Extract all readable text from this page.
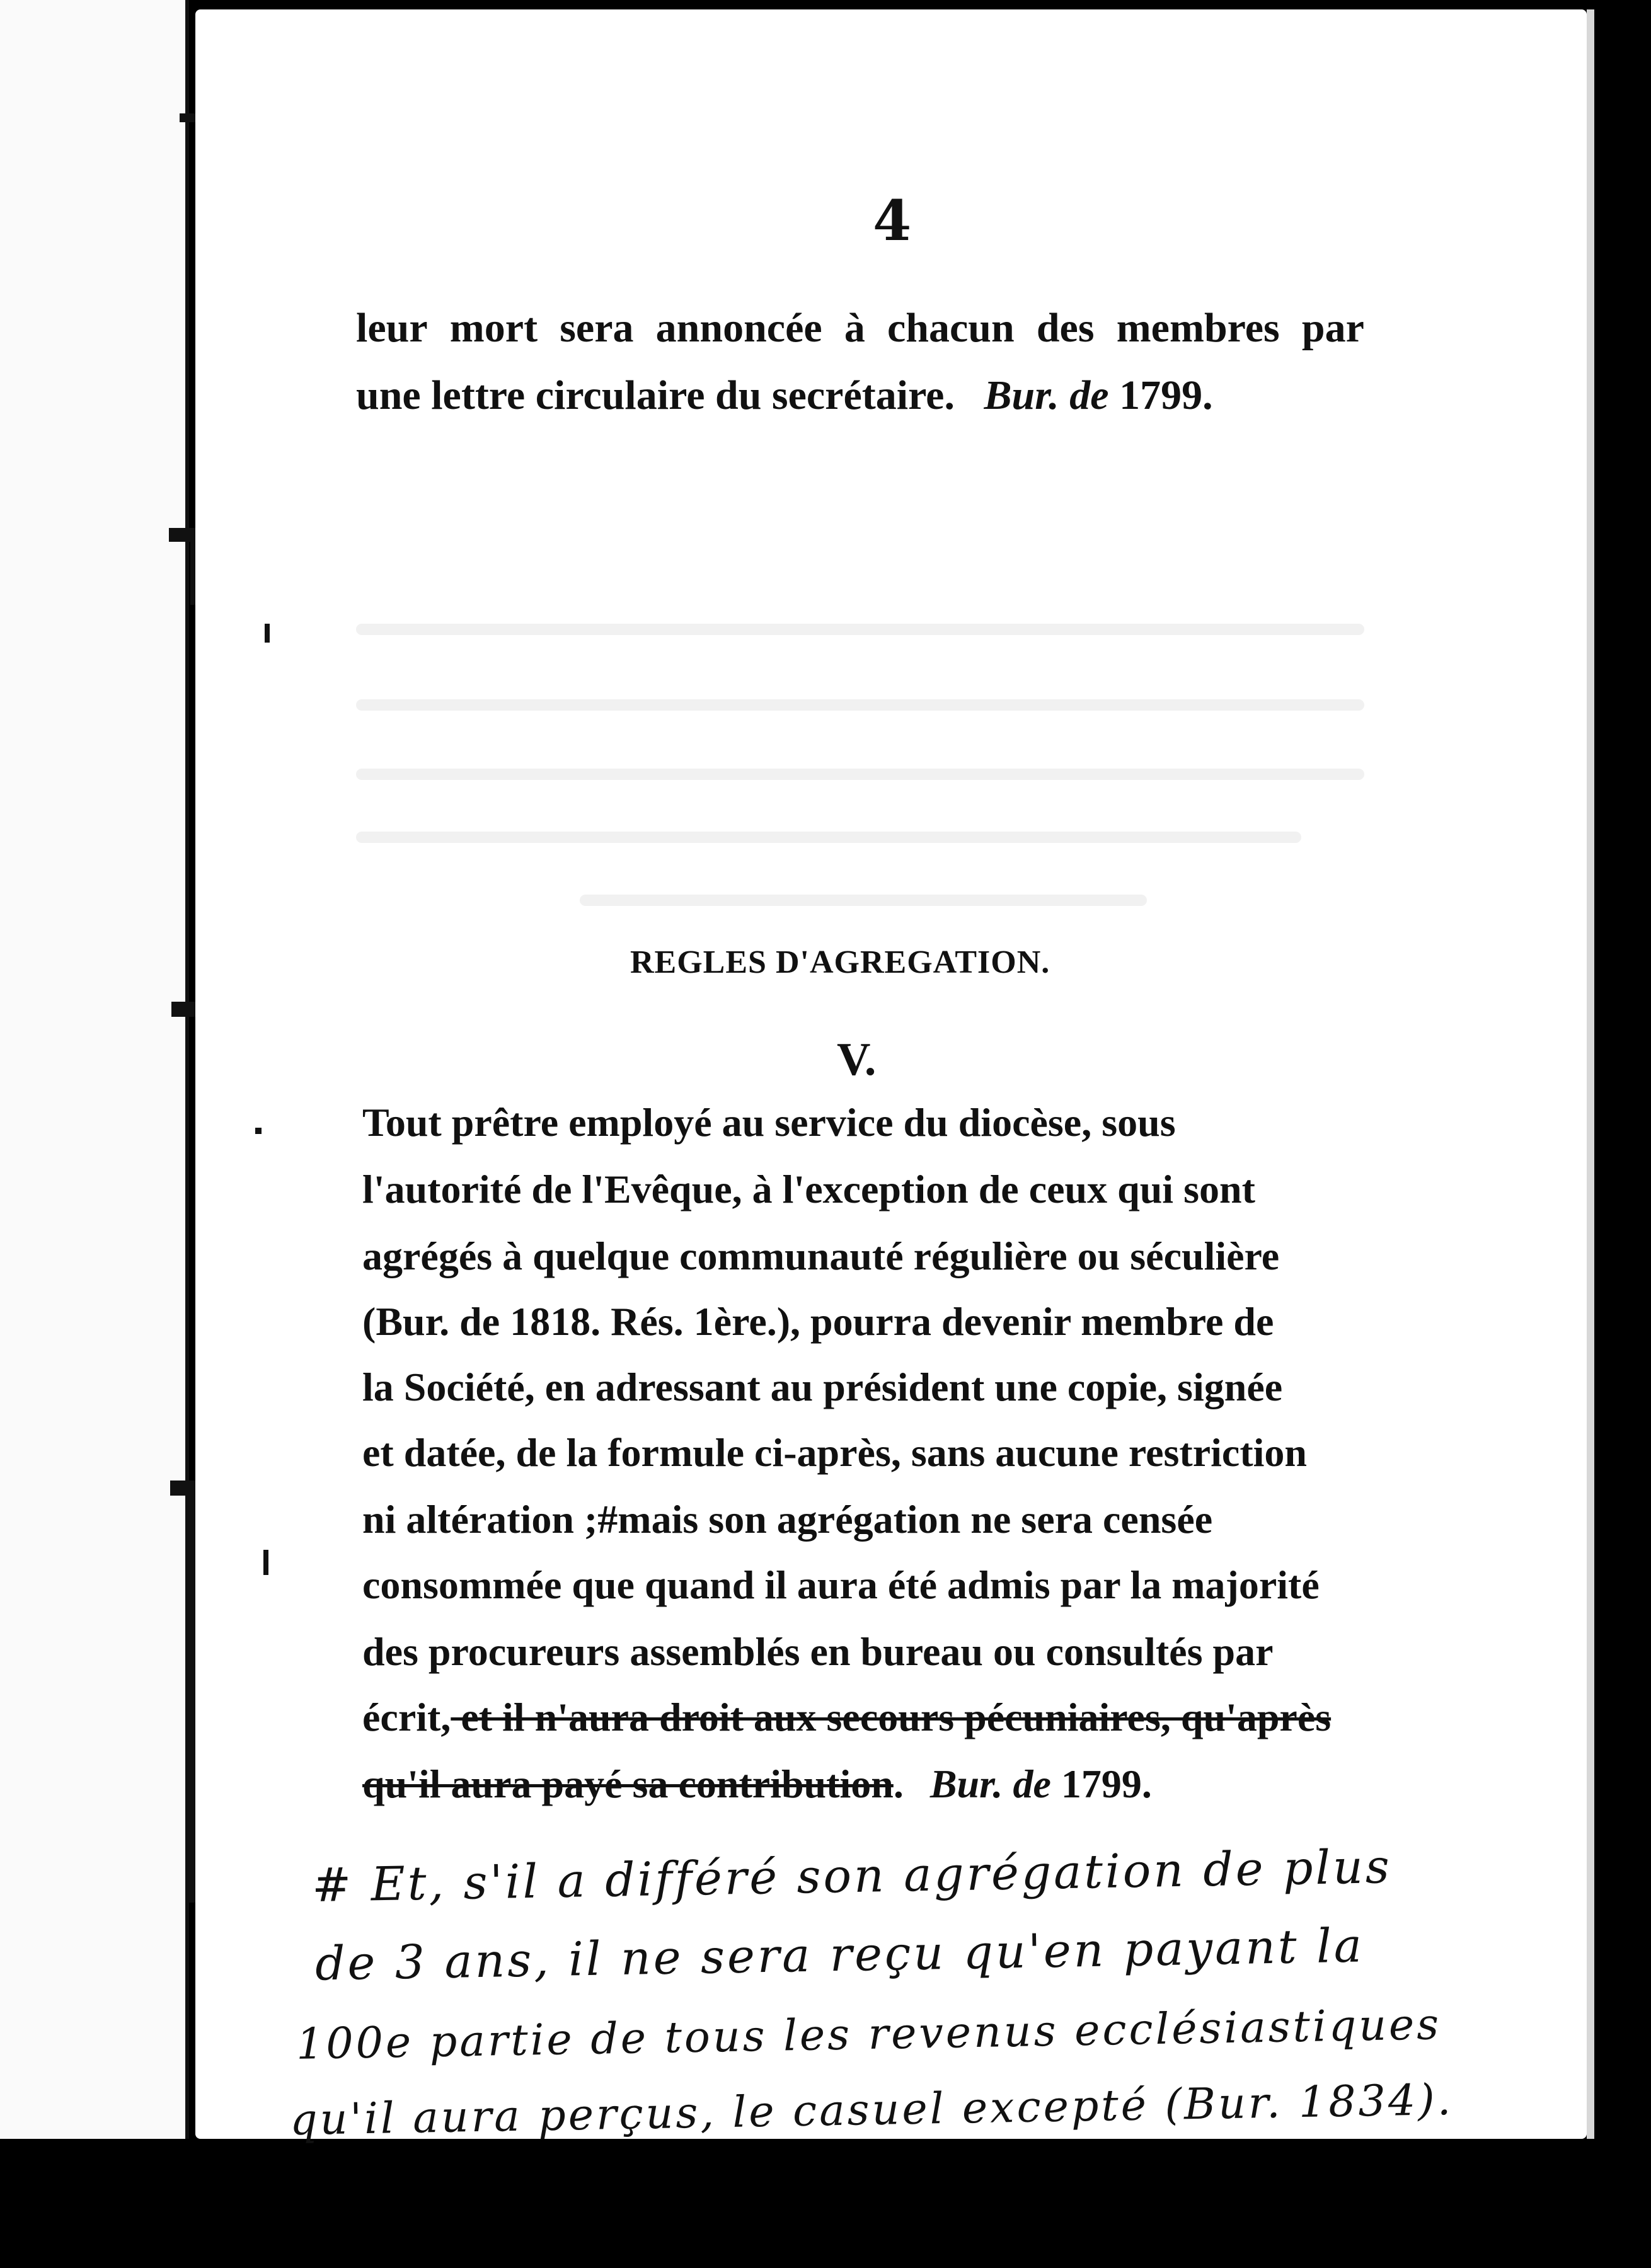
4
leur mort sera annoncée à chacun des membres par
une lettre circulaire du secrétaire. Bur. de 1799.
REGLES D'AGREGATION.
V.
Tout prêtre employé au service du diocèse, sous
l'autorité de l'Evêque, à l'exception de ceux qui sont
agrégés à quelque communauté régulière ou séculière
(Bur. de 1818. Rés. 1ère.), pourra devenir membre de
la Société, en adressant au président une copie, signée
et datée, de la formule ci-après, sans aucune restriction
ni altération ;#mais son agrégation ne sera censée
consommée que quand il aura été admis par la majorité
des procureurs assemblés en bureau ou consultés par
écrit, et il n'aura droit aux secours pécuniaires, qu'après
qu'il aura payé sa contribution. Bur. de 1799.
# Et, s'il a différé son agrégation de plus
de 3 ans, il ne sera reçu qu'en payant la
100e partie de tous les revenus ecclésiastiques
qu'il aura perçus, le casuel excepté (Bur. 1834).
